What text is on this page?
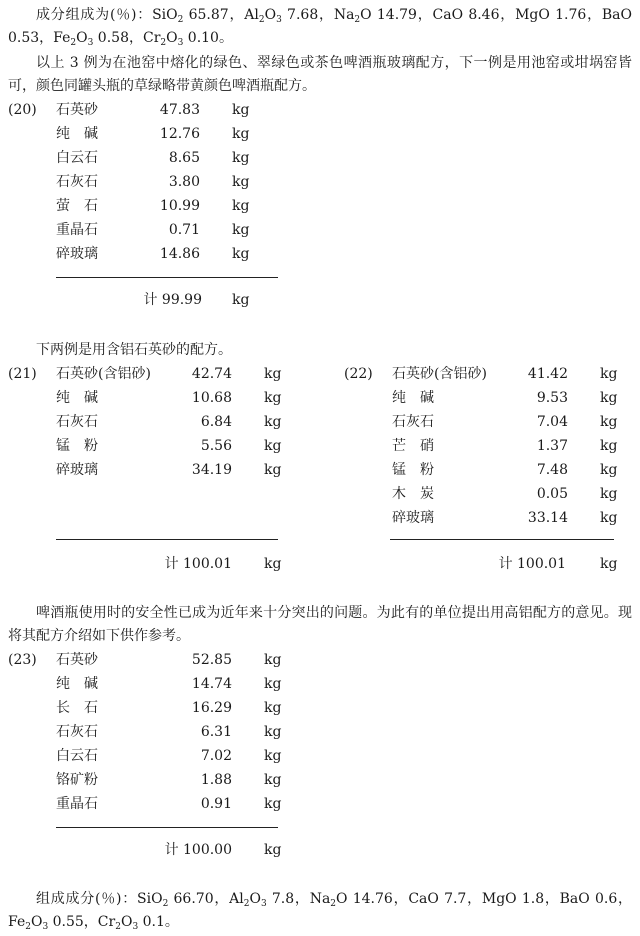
成分组成为(％)：SiO$_2$ 65.87，$Al_2O_3$ 7.68，$Na_2O$ 14.79，CaO 8.46，MgO 1.76，BaO 0.53，$Fe_2O_3$ 0.58，$Cr_2O_3$ 0.10。
以上 3 例为在池窑中熔化的绿色、翠绿色或茶色啤酒瓶玻璃配方，下一例是用池窑或坩埚窑皆可，颜色同罐头瓶的草绿略带黄颜色啤酒瓶配方。
(20) 石英砂	47.83 kg
纯　碱	12.76 kg
白云石	8.65 kg
石灰石	3.80 kg
萤　石	10.99 kg
重晶石	0.71 kg
碎玻璃	14.86 kg
计 99.99 kg
下两例是用含铝石英砂的配方。
(21) 石英砂(含铝砂)	42.74 kg
纯　碱	10.68 kg
石灰石	6.84 kg
锰　粉	5.56 kg
碎玻璃	34.19 kg
计 100.01 kg
(22) 石英砂(含铝砂)	41.42 kg
纯　碱	9.53 kg
石灰石	7.04 kg
芒　硝	1.37 kg
锰　粉	7.48 kg
木　炭	0.05 kg
碎玻璃	33.14 kg
计 100.01 kg
啤酒瓶使用时的安全性已成为近年来十分突出的问题。为此有的单位提出用高铝配方的意见。现将其配方介绍如下供作参考。
(23) 石英砂	52.85 kg
纯　碱	14.74 kg
长　石	16.29 kg
石灰石	6.31 kg
白云石	7.02 kg
铬矿粉	1.88 kg
重晶石	0.91 kg
计 100.00 kg
组成成分(％)：SiO$_2$ 66.70，$Al_2O_3$ 7.8，$Na_2O$ 14.76，CaO 7.7，MgO 1.8，BaO 0.6，$Fe_2O_3$ 0.55，$Cr_2O_3$ 0.1。
